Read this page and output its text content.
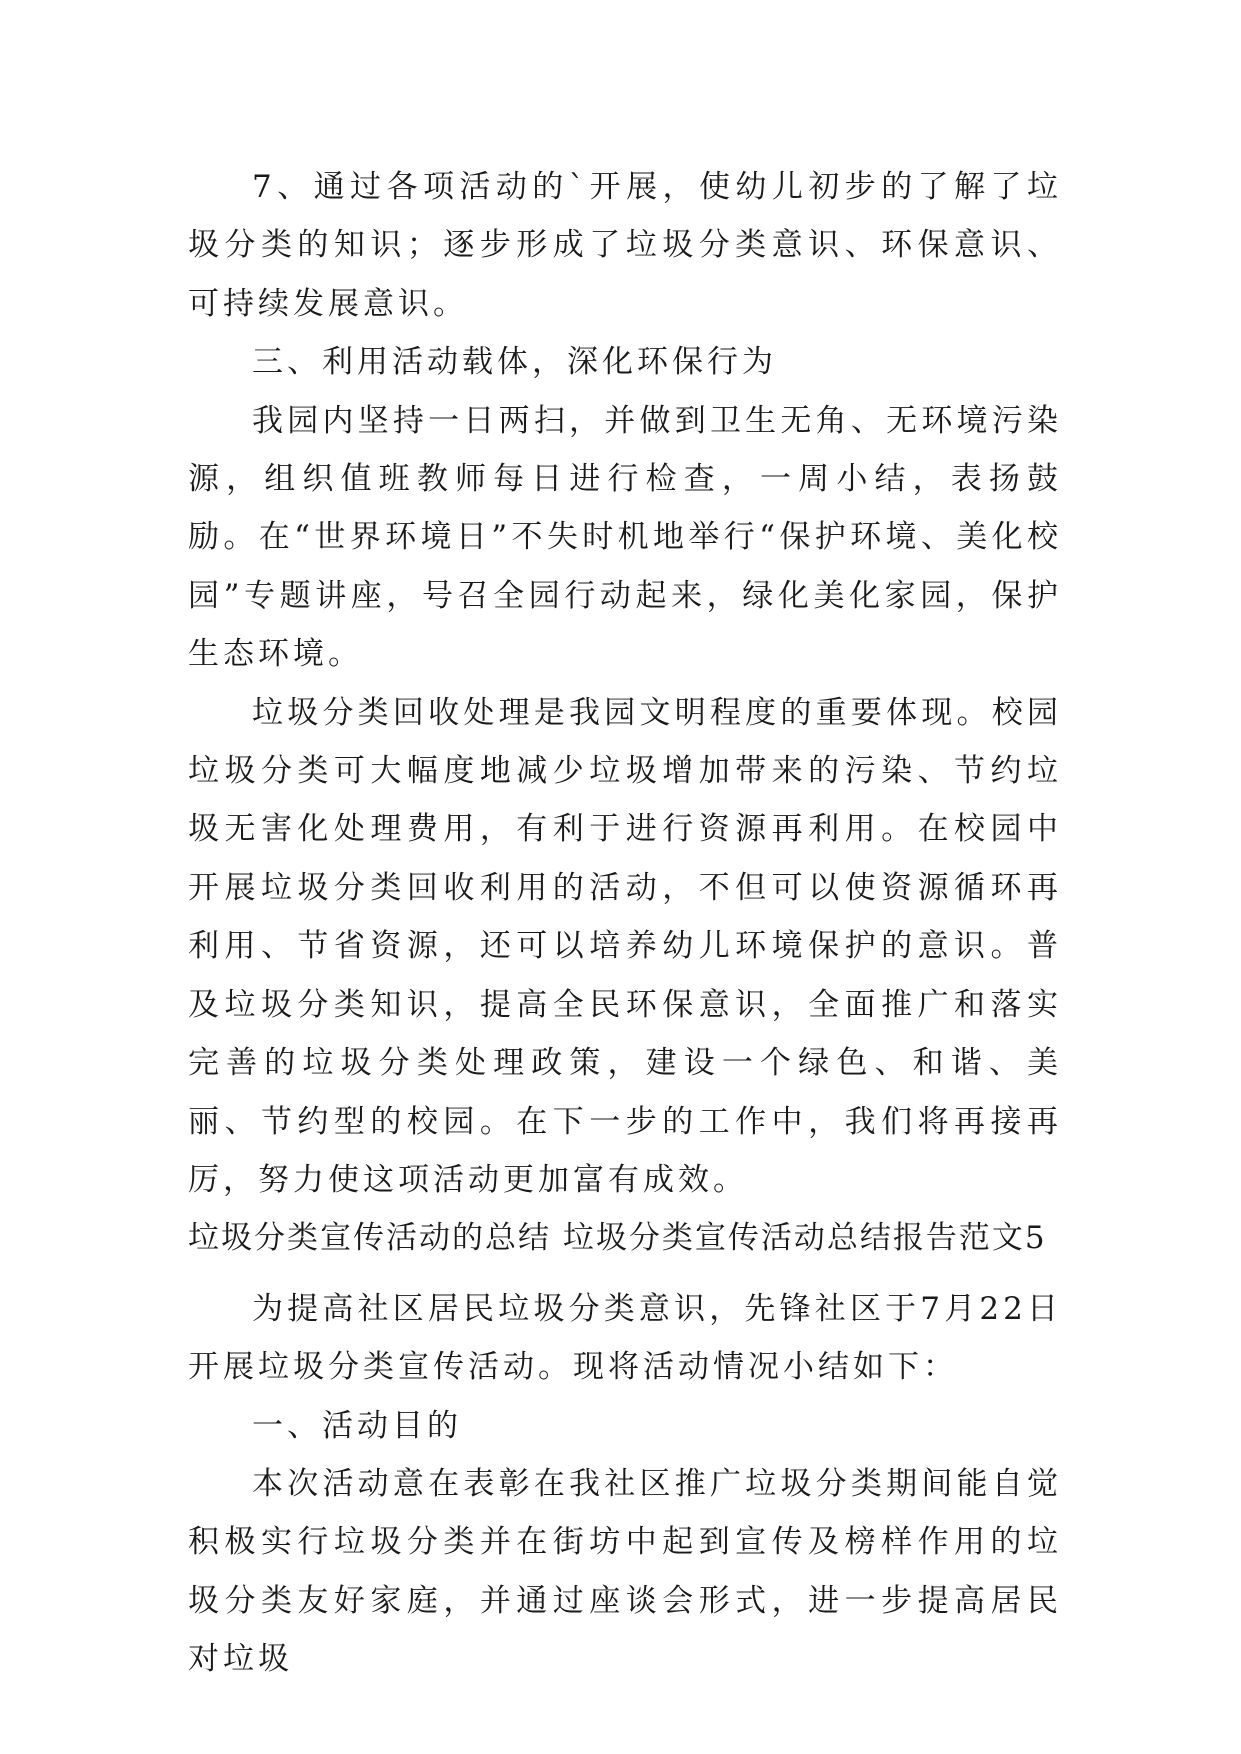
7、通过各项活动的`开展，使幼儿初步的了解了垃圾分类的知识；逐步形成了垃圾分类意识、环保意识、可持续发展意识。

三、利用活动载体，深化环保行为

我园内坚持一日两扫，并做到卫生无角、无环境污染源，组织值班教师每日进行检查，一周小结，表扬鼓励。在“世界环境日”不失时机地举行“保护环境、美化校园”专题讲座，号召全园行动起来，绿化美化家园，保护生态环境。

垃圾分类回收处理是我园文明程度的重要体现。校园垃圾分类可大幅度地减少垃圾增加带来的污染、节约垃圾无害化处理费用，有利于进行资源再利用。在校园中开展垃圾分类回收利用的活动，不但可以使资源循环再利用、节省资源，还可以培养幼儿环境保护的意识。普及垃圾分类知识，提高全民环保意识，全面推广和落实完善的垃圾分类处理政策，建设一个绿色、和谐、美丽、节约型的校园。在下一步的工作中，我们将再接再厉，努力使这项活动更加富有成效。

垃圾分类宣传活动的总结 垃圾分类宣传活动总结报告范文5

为提高社区居民垃圾分类意识，先锋社区于7月22日开展垃圾分类宣传活动。现将活动情况小结如下：

一、活动目的

本次活动意在表彰在我社区推广垃圾分类期间能自觉积极实行垃圾分类并在街坊中起到宣传及榜样作用的垃圾分类友好家庭，并通过座谈会形式，进一步提高居民对垃圾
